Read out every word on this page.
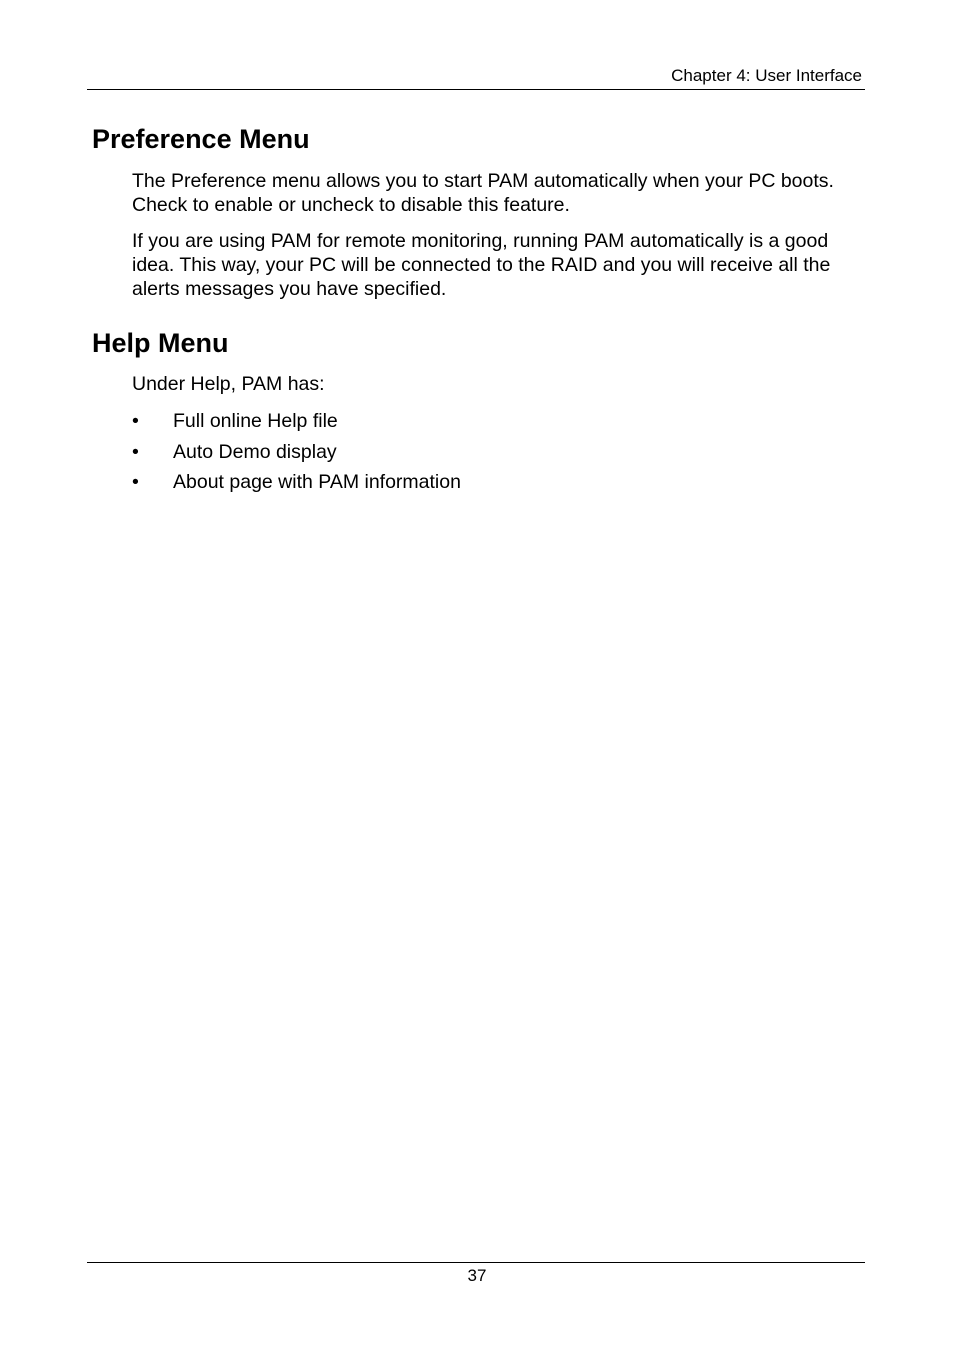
Chapter 4: User Interface
Preference Menu

The Preference menu allows you to start PAM automatically when your PC boots. Check to enable or uncheck to disable this feature.

If you are using PAM for remote monitoring, running PAM automatically is a good idea. This way, your PC will be connected to the RAID and you will receive all the alerts messages you have specified.

Help Menu

Under Help, PAM has:

• Full online Help file
• Auto Demo display
• About page with PAM information
37
